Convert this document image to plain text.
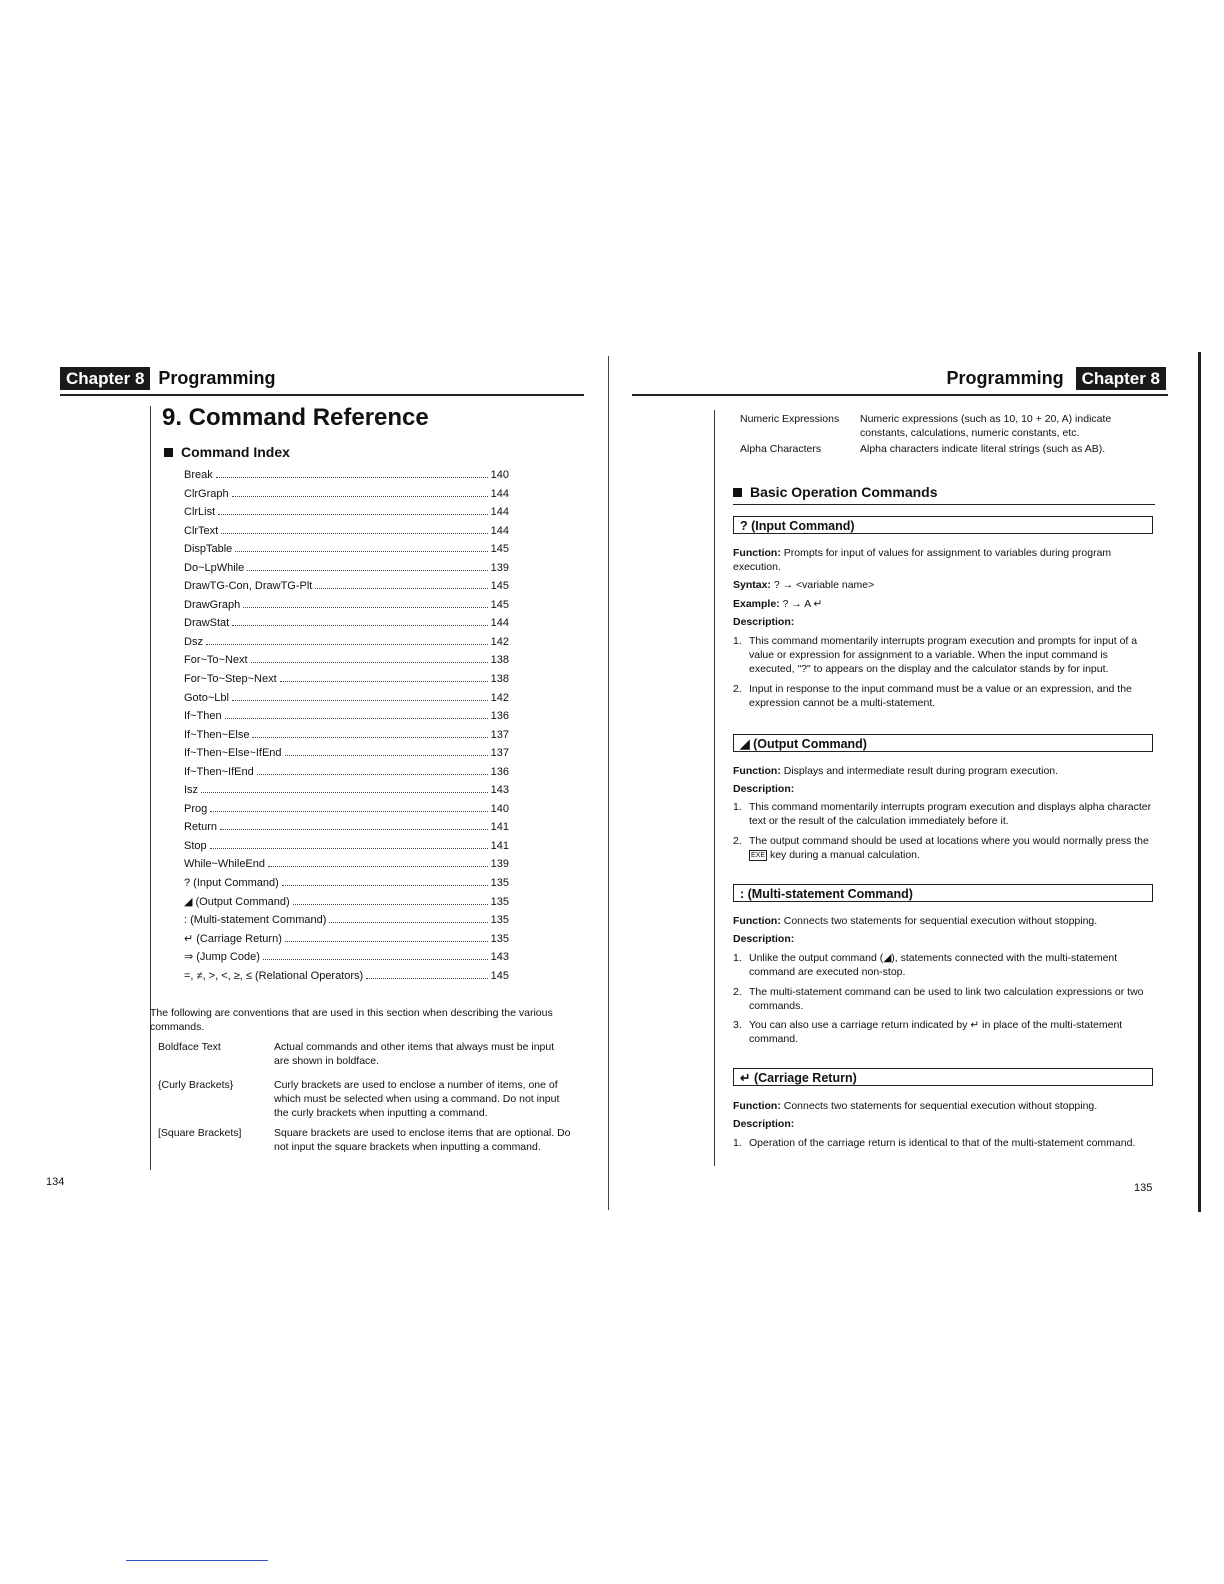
Chapter 8 Programming
9. Command Reference
Command Index
Break	140
ClrGraph	144
ClrList	144
ClrText	144
DispTable	145
Do~LpWhile	139
DrawTG-Con, DrawTG-Plt	145
DrawGraph	145
DrawStat	144
Dsz	142
For~To~Next	138
For~To~Step~Next	138
Goto~Lbl	142
If~Then	136
If~Then~Else	137
If~Then~Else~IfEnd	137
If~Then~IfEnd	136
Isz	143
Prog	140
Return	141
Stop	141
While~WhileEnd	139
? (Input Command)	135
◢ (Output Command)	135
: (Multi-statement Command)	135
↵ (Carriage Return)	135
⇒ (Jump Code)	143
=, ≠, >, <, ≥, ≤ (Relational Operators)	145
The following are conventions that are used in this section when describing the various commands.
Boldface Text	Actual commands and other items that always must be input are shown in boldface.
{Curly Brackets}	Curly brackets are used to enclose a number of items, one of which must be selected when using a command. Do not input the curly brackets when inputting a command.
[Square Brackets]	Square brackets are used to enclose items that are optional. Do not input the square brackets when inputting a command.
134
Programming	Chapter 8
Numeric Expressions	Numeric expressions (such as 10, 10 + 20, A) indicate constants, calculations, numeric constants, etc.
Alpha Characters	Alpha characters indicate literal strings (such as AB).
Basic Operation Commands
? (Input Command)
Function: Prompts for input of values for assignment to variables during program execution.
Syntax: ? → <variable name>
Example: ? → A ↵
Description:
1. This command momentarily interrupts program execution and prompts for input of a value or expression for assignment to a variable. When the input command is executed, "?" to appears on the display and the calculator stands by for input.
2. Input in response to the input command must be a value or an expression, and the expression cannot be a multi-statement.
◢ (Output Command)
Function: Displays and intermediate result during program execution.
Description:
1. This command momentarily interrupts program execution and displays alpha character text or the result of the calculation immediately before it.
2. The output command should be used at locations where you would normally press the EXE key during a manual calculation.
: (Multi-statement Command)
Function: Connects two statements for sequential execution without stopping.
Description:
1. Unlike the output command (◢), statements connected with the multi-statement command are executed non-stop.
2. The multi-statement command can be used to link two calculation expressions or two commands.
3. You can also use a carriage return indicated by ↵ in place of the multi-statement command.
↵ (Carriage Return)
Function: Connects two statements for sequential execution without stopping.
Description:
1. Operation of the carriage return is identical to that of the multi-statement command.
135
